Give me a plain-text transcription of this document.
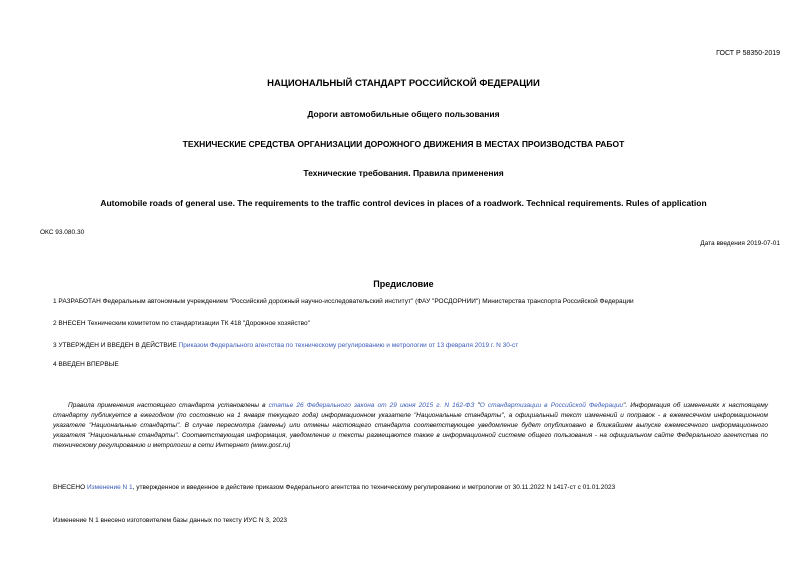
ГОСТ Р 58350-2019
НАЦИОНАЛЬНЫЙ СТАНДАРТ РОССИЙСКОЙ ФЕДЕРАЦИИ
Дороги автомобильные общего пользования
ТЕХНИЧЕСКИЕ СРЕДСТВА ОРГАНИЗАЦИИ ДОРОЖНОГО ДВИЖЕНИЯ В МЕСТАХ ПРОИЗВОДСТВА РАБОТ
Технические требования. Правила применения
Automobile roads of general use. The requirements to the traffic control devices in places of a roadwork. Technical requirements. Rules of application
ОКС 93.080.30
Дата введения 2019-07-01
Предисловие
1 РАЗРАБОТАН Федеральным автономным учреждением "Российский дорожный научно-исследовательский институт" (ФАУ "РОСДОРНИИ") Министерства транспорта Российской Федерации
2 ВНЕСЕН Техническим комитетом по стандартизации ТК 418 "Дорожное хозяйство"
3 УТВЕРЖДЕН И ВВЕДЕН В ДЕЙСТВИЕ Приказом Федерального агентства по техническому регулированию и метрологии от 13 февраля 2019 г. N 30-ст
4 ВВЕДЕН ВПЕРВЫЕ
Правила применения настоящего стандарта установлены в статье 26 Федерального закона от 29 июня 2015 г. N 162-ФЗ "О стандартизации в Российской Федерации". Информация об изменениях к настоящему стандарту публикуется в ежегодном (по состоянию на 1 января текущего года) информационном указателе "Национальные стандарты", а официальный текст изменений и поправок - в ежемесячном информационном указателе "Национальные стандарты". В случае пересмотра (замены) или отмены настоящего стандарта соответствующее уведомление будет опубликовано в ближайшем выпуске ежемесячного информационного указателя "Национальные стандарты". Соответствующая информация, уведомление и тексты размещаются также в информационной системе общего пользования - на официальном сайте Федерального агентства по техническому регулированию и метрологии в сети Интернет (www.gost.ru)
ВНЕСЕНО Изменение N 1, утвержденное и введенное в действие приказом Федерального агентства по техническому регулированию и метрологии от 30.11.2022 N 1417-ст с 01.01.2023
Изменение N 1 внесено изготовителем базы данных по тексту ИУС N 3, 2023
